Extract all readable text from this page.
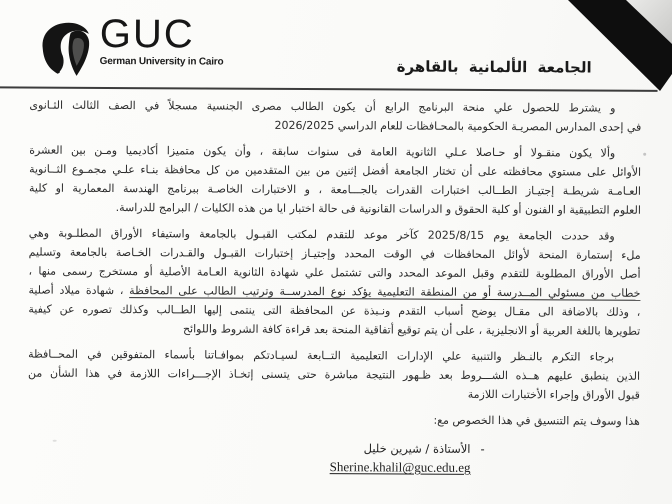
GUC
German University in Cairo	الجامعة الألمانية بالقاهرة
و يشترط للحصول علي منحة البرنامج الرابع أن يكون الطالب مصرى الجنسية مسجلاً في الصف الثالث الثـانوى
في إحدى المدارس المصريـة الحكومية بالمحـافظات للعام الدراسي 2026/2025
وألا يكون منقـولا أو حـاصلا عـلي الثانوية العامة فى سنوات سابقة ، وأن يكون متميزا أكاديميا ومـن بين العشرة
الأوائل على مستوي محافظته على أن تختار الجامعة أفضل إثنين من بين المتقدمين من كل محافظة بنـاء علـي مجمـوع الثــانوية
العـامـة شريطـة إجتيـاز الطــالب اختبارات القدرات بالجـــامعة ، و الاختبارات الخاصـة ببرنامج الهندسة المعمارية او كلية
العلوم التطبيقية او الفنون أو كلية الحقوق و الدراسات القانونية فى حالة اختبار ايا من هذه الكليات / البرامج للدراسة.
وقد حددت الجامعة يوم 2025/8/15 كآخر موعد للتقدم لمكتب القبـول بالجامعة واستيفاء الأوراق المطلـوبة وهي
ملء إستمارة المنحة لأوائل المحافظات في الوقت المحدد وإجتيـاز إختبارات القبـول والقـدرات الخـاصة بالجامعة وتسليم
أصل الأوراق المطلوبة للتقدم وقبل الموعد المحدد والتى تشتمل علي شهادة الثانوية العـامة الأصلية أو مستخرج رسمى منها ،
خطاب من مسئولي المــدرسة أو من المنطقة التعليمية يؤكد نوع المدرســة وترتيب الطالب على المحافظة ، شهادة ميلاد أصلية
، وذلك بالاضافة الى مقـال يوضح أسباب التقدم ونـبذة عن المحافظة التى ينتمى إليها الطــالب وكذلك تصوره عن كيفية
تطويرها باللغة العربية أو الانجليزية ، على أن يتم توقيع أتفاقية المنحة بعد قراءة كافة الشروط واللوائح
برجاء التكرم بالنـظر والتنبية علي الإدارات التعليمية التــابعة لسيـادتكم بموافـاتنا بأسماء المتفوقين في المحــافظة
الذين ينطبق عليهم هــذه الشـــروط بعد ظـهور النتيجة مباشرة حتى يتسنى إتخـاذ الإجـــراءات اللازمة في هذا الشأن من
قبول الأوراق وإجراء الأختبارات اللازمة
هذا وسوف يتم التنسيق في هذا الخصوص مع:
-الأستاذة / شيرين خليل
Sherine.khalil@guc.edu.eg
